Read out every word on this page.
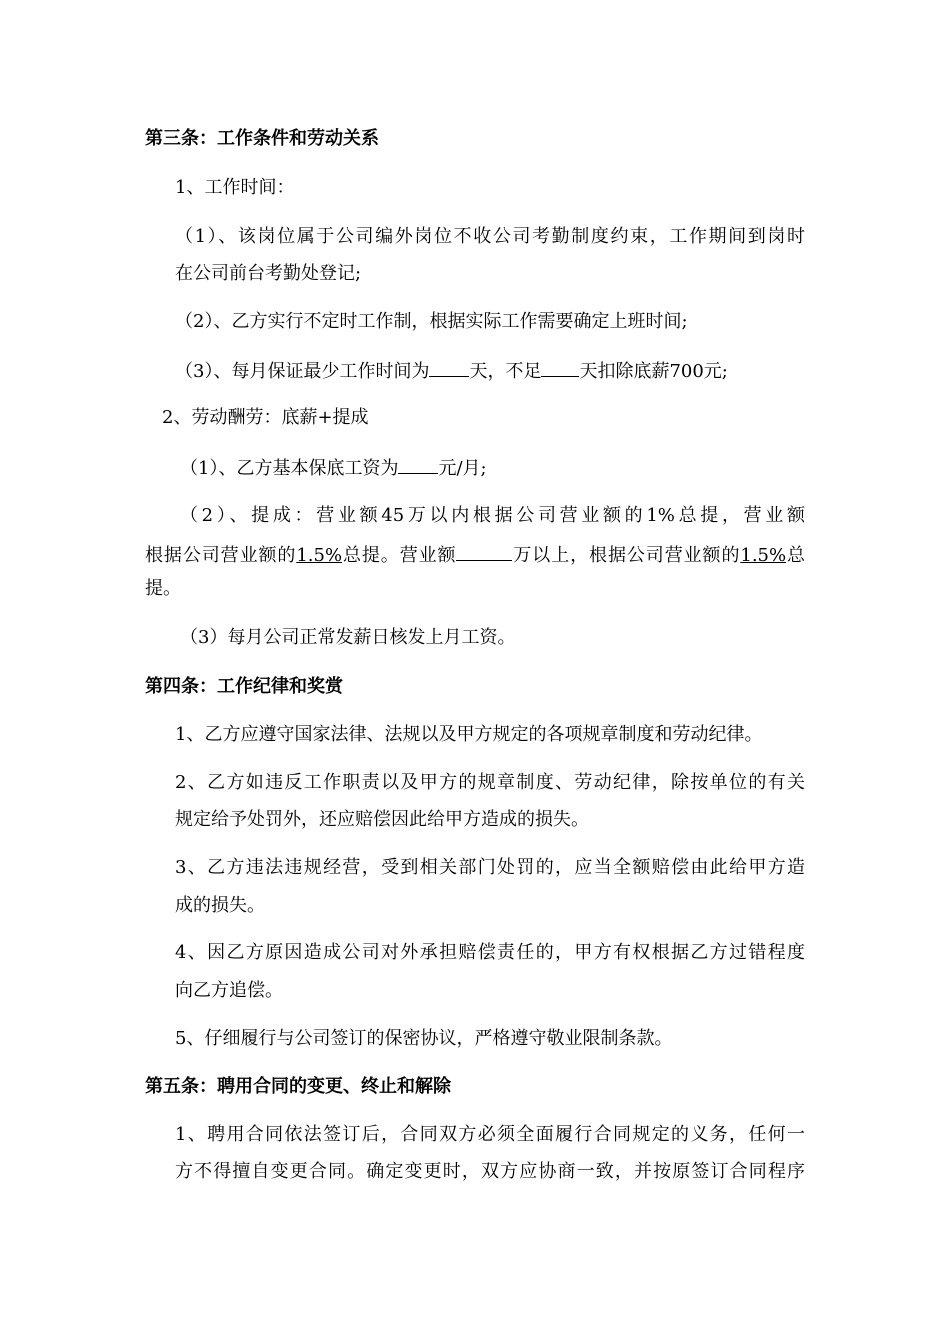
第三条：工作条件和劳动关系
1、工作时间：
（1）、该岗位属于公司编外岗位不收公司考勤制度约束，工作期间到岗时
在公司前台考勤处登记;
（2）、乙方实行不定时工作制，根据实际工作需要确定上班时间;
（3）、每月保证最少工作时间为 天，不足 天扣除底薪700元;
2、劳动酬劳：底薪+提成
（1）、乙方基本保底工资为 元/月;
（2）、提成：营业额45万以内根据公司营业额的1%总提，营业额
根据公司营业额的1.5%总提。营业额	万以上，根据公司营业额的1.5%总
提。
（3）每月公司正常发薪日核发上月工资。
第四条：工作纪律和奖赏
1、乙方应遵守国家法律、法规以及甲方规定的各项规章制度和劳动纪律。
2、乙方如违反工作职责以及甲方的规章制度、劳动纪律，除按单位的有关
规定给予处罚外，还应赔偿因此给甲方造成的损失。
3、乙方违法违规经营，受到相关部门处罚的，应当全额赔偿由此给甲方造
成的损失。
4、因乙方原因造成公司对外承担赔偿责任的，甲方有权根据乙方过错程度
向乙方追偿。
5、仔细履行与公司签订的保密协议，严格遵守敬业限制条款。
第五条：聘用合同的变更、终止和解除
1、聘用合同依法签订后，合同双方必须全面履行合同规定的义务，任何一
方不得擅自变更合同。确定变更时，双方应协商一致，并按原签订合同程序
